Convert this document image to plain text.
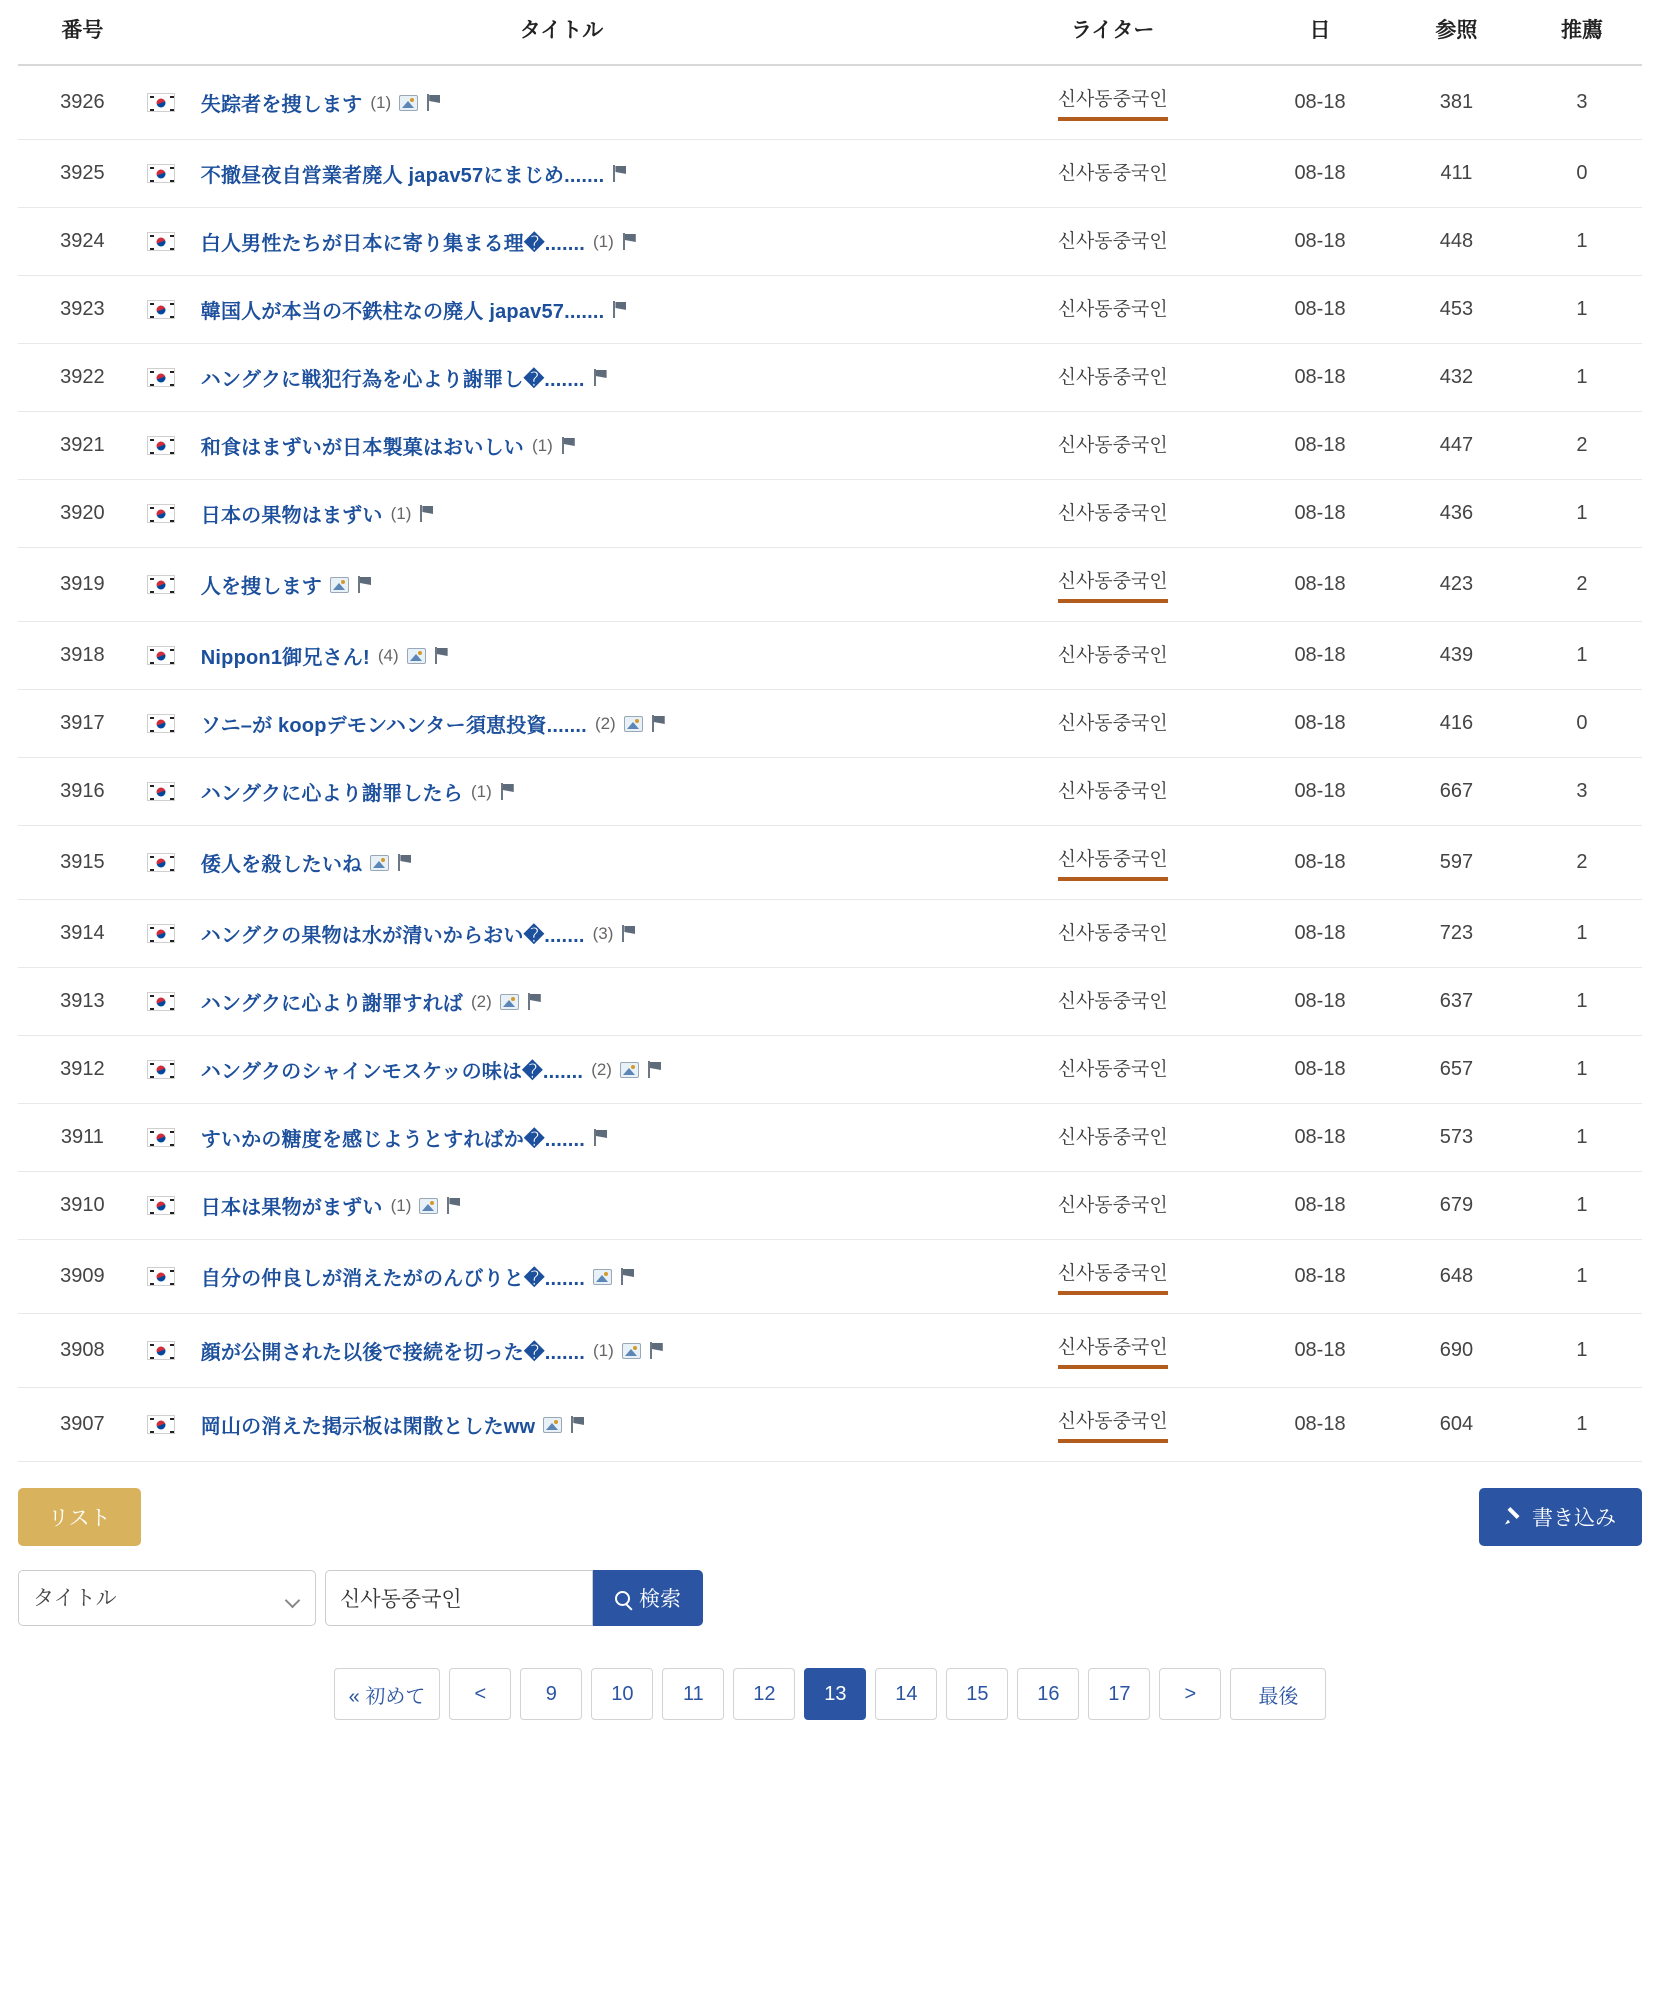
番号	タイトル	ライター	日	参照	推薦
3926	失踪者を捜します (1)	신사동중국인	08-18	381	3
3925	不撤昼夜自営業者廃人 japav57にまじめ.......	신사동중국인	08-18	411	0
3924	白人男性たちが日本に寄り集まる理�....... (1)	신사동중국인	08-18	448	1
3923	韓国人が本当の不鉄柱なの廃人 japav57.......	신사동중국인	08-18	453	1
3922	ハングクに戦犯行為を心より謝罪し�.......	신사동중국인	08-18	432	1
3921	和食はまずいが日本製菓はおいしい (1)	신사동중국인	08-18	447	2
3920	日本の果物はまずい (1)	신사동중국인	08-18	436	1
3919	人を捜します	신사동중국인	08-18	423	2
3918	Nippon1御兄さん! (4)	신사동중국인	08-18	439	1
3917	ソニ–が koopデモンハンター須恵投資....... (2)	신사동중국인	08-18	416	0
3916	ハングクに心より謝罪したら (1)	신사동중국인	08-18	667	3
3915	倭人を殺したいね	신사동중국인	08-18	597	2
3914	ハングクの果物は水が清いからおい�....... (3)	신사동중국인	08-18	723	1
3913	ハングクに心より謝罪すれば (2)	신사동중국인	08-18	637	1
3912	ハングクのシャインモスケッの味は�....... (2)	신사동중국인	08-18	657	1
3911	すいかの糖度を感じようとすればか�.......	신사동중국인	08-18	573	1
3910	日本は果物がまずい (1)	신사동중국인	08-18	679	1
3909	自分の仲良しが消えたがのんびりと�.......	신사동중국인	08-18	648	1
3908	顔が公開された以後で接続を切った�....... (1)	신사동중국인	08-18	690	1
3907	岡山の消えた掲示板は閑散としたww	신사동중국인	08-18	604	1
リスト	書き込み
タイトル
신사동중국인
検索
« 初めて	<	9	10	11	12	13	14	15	16	17	>	最後
